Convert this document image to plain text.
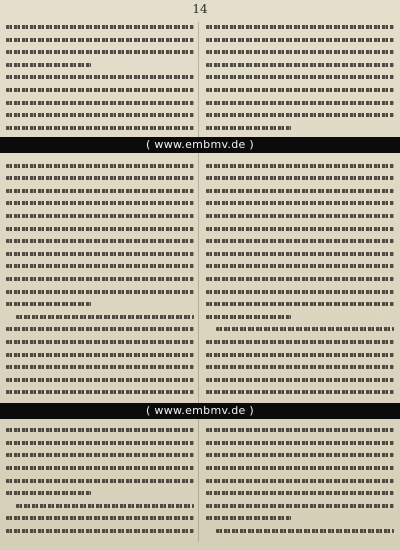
14
( www.embmv.de )
( www.embmv.de )
